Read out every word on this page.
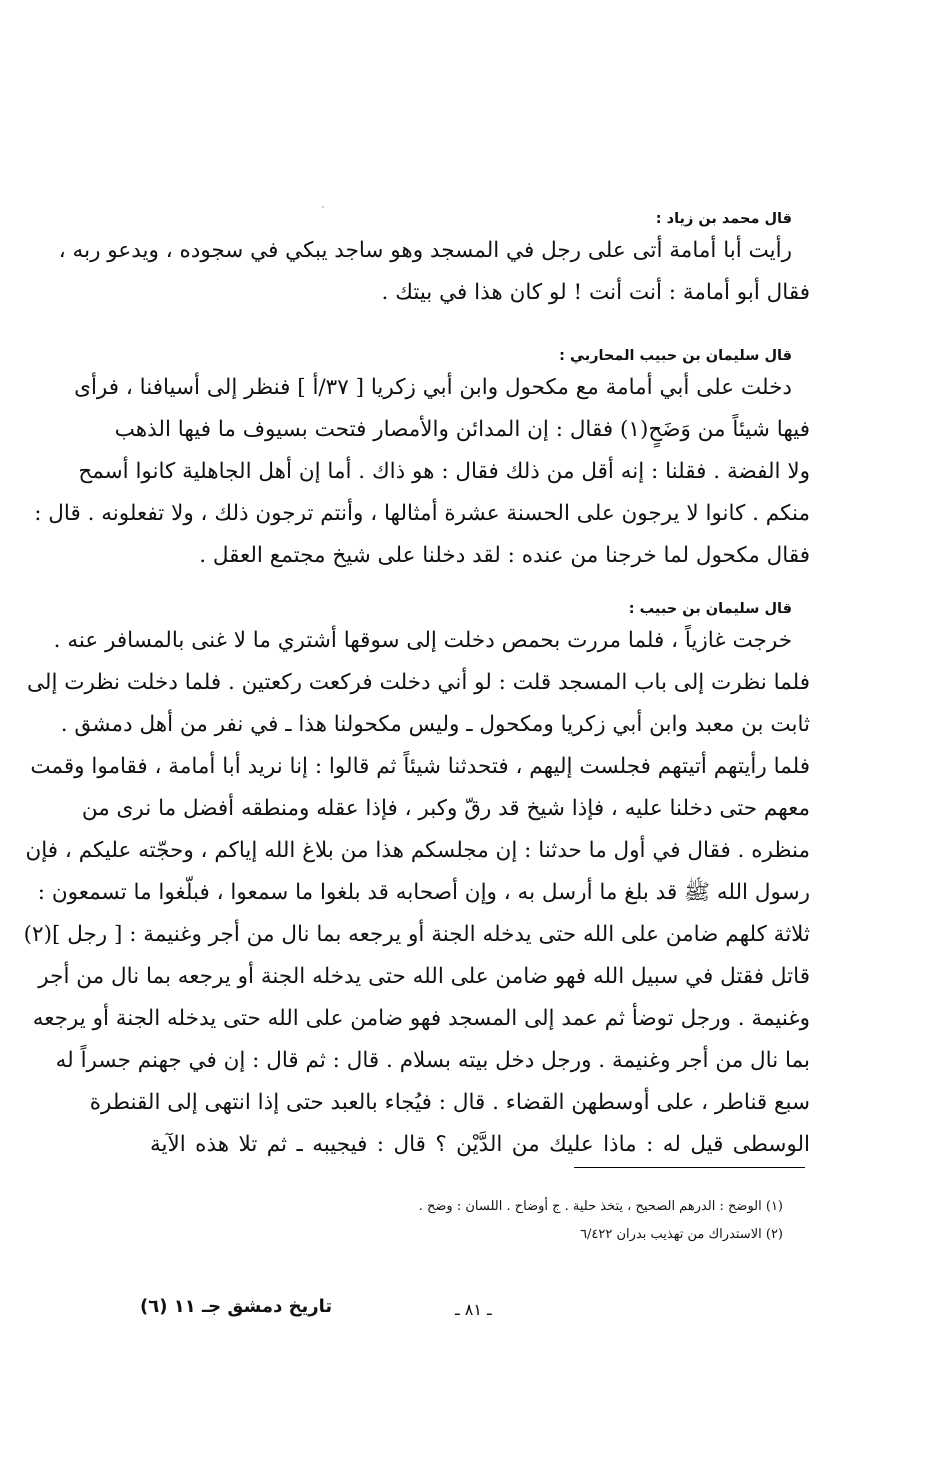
قال محمد بن زياد :
رأيت أبا أمامة أتى على رجل في المسجد وهو ساجد يبكي في سجوده ، ويدعو ربه ،
فقال أبو أمامة : أنت أنت ! لو كان هذا في بيتك .
قال سليمان بن حبيب المحاربي :
دخلت على أبي أمامة مع مكحول وابن أبي زكريا [ ٣٧/أ ] فنظر إلى أسيافنا ، فرأى
فيها شيئاً من وَضَحٍ(١) فقال : إن المدائن والأمصار فتحت بسيوف ما فيها الذهب
ولا الفضة . فقلنا : إنه أقل من ذلك فقال : هو ذاك . أما إن أهل الجاهلية كانوا أسمح
منكم . كانوا لا يرجون على الحسنة عشرة أمثالها ، وأنتم ترجون ذلك ، ولا تفعلونه . قال :
فقال مكحول لما خرجنا من عنده : لقد دخلنا على شيخ مجتمع العقل .
قال سليمان بن حبيب :
خرجت غازياً ، فلما مررت بحمص دخلت إلى سوقها أشتري ما لا غنى بالمسافر عنه .
فلما نظرت إلى باب المسجد قلت : لو أني دخلت فركعت ركعتين . فلما دخلت نظرت إلى
ثابت بن معبد وابن أبي زكريا ومكحول ـ وليس مكحولنا هذا ـ في نفر من أهل دمشق .
فلما رأيتهم أتيتهم فجلست إليهم ، فتحدثنا شيئاً ثم قالوا : إنا نريد أبا أمامة ، فقاموا وقمت
معهم حتى دخلنا عليه ، فإذا شيخ قد رقّ وكبر ، فإذا عقله ومنطقه أفضل ما نرى من
منظره . فقال في أول ما حدثنا : إن مجلسكم هذا من بلاغ الله إياكم ، وحجّته عليكم ، فإن
رسول الله ﷺ قد بلغ ما أرسل به ، وإن أصحابه قد بلغوا ما سمعوا ، فبلّغوا ما تسمعون :
ثلاثة كلهم ضامن على الله حتى يدخله الجنة أو يرجعه بما نال من أجر وغنيمة : [ رجل ](٢)
قاتل فقتل في سبيل الله فهو ضامن على الله حتى يدخله الجنة أو يرجعه بما نال من أجر
وغنيمة . ورجل توضأ ثم عمد إلى المسجد فهو ضامن على الله حتى يدخله الجنة أو يرجعه
بما نال من أجر وغنيمة . ورجل دخل بيته بسلام . قال : ثم قال : إن في جهنم جسراً له
سبع قناطر ، على أوسطهن القضاء . قال : فيُجاء بالعبد حتى إذا انتهى إلى القنطرة
الوسطى قيل له : ماذا عليك من الدَّيْن ؟ قال : فيجيبه ـ ثم تلا هذه الآية
(١) الوضح : الدرهم الصحيح ، يتخذ حلية . ج أوضاح . اللسان : وضح .
(٢) الاستدراك من تهذيب بدران ٦/٤٢٢
تاريخ دمشق جـ ١١ (٦)	ـ ٨١ ـ
